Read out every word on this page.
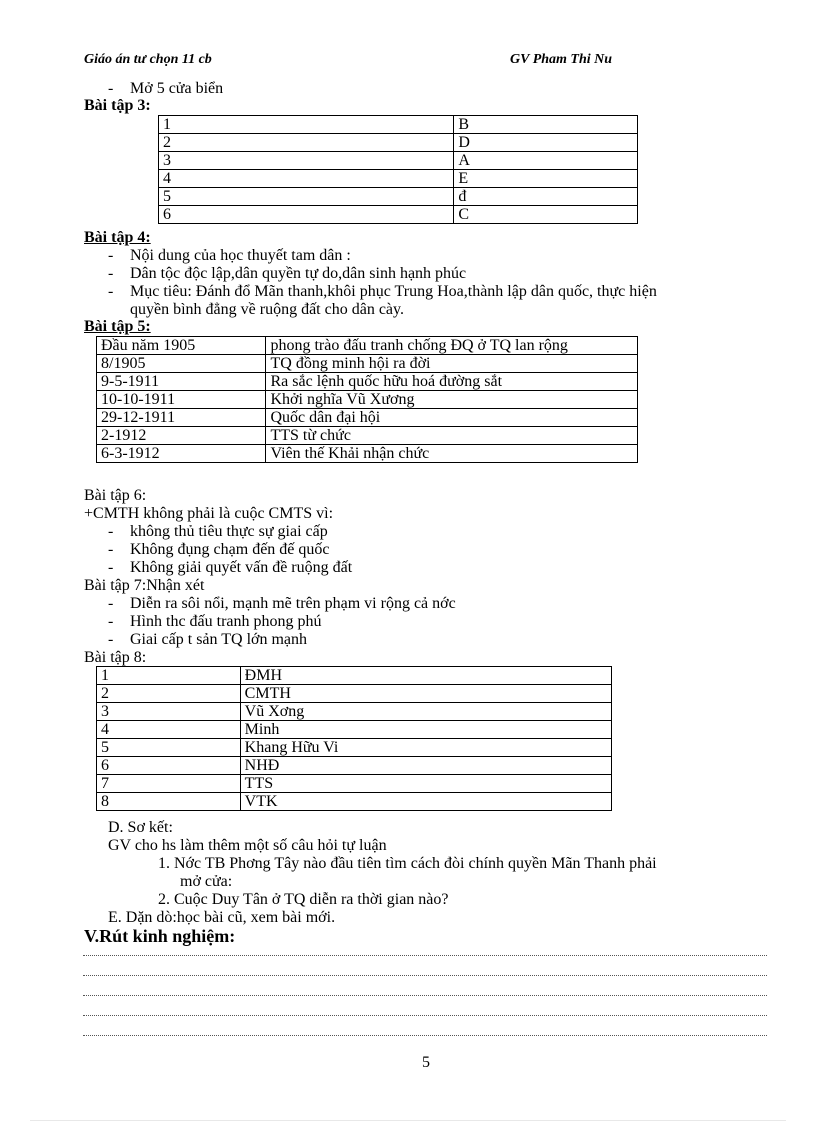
Giáo án tư chọn 11 cb	GV Pham Thi Nu
- Mở 5 cửa biển
Bài tập 3:
1	B
2	D
3	A
4	E
5	đ
6	C
Bài tập 4:
- Nội dung của học thuyết tam dân :
- Dân tộc độc lập,dân quyền tự do,dân sinh hạnh phúc
- Mục tiêu: Đánh đổ Mãn thanh,khôi phục Trung Hoa,thành lập dân quốc, thực hiện
quyền bình đẳng về ruộng đất cho dân cày.
Bài tập 5:
Đầu năm 1905	phong trào đấu tranh chống ĐQ ở TQ lan rộng
8/1905	TQ đồng minh hội ra đời
9-5-1911	Ra sắc lệnh quốc hữu hoá đường sắt
10-10-1911	Khởi nghĩa Vũ Xương
29-12-1911	Quốc dân đại hội
2-1912	TTS từ chức
6-3-1912	Viên thế Khải nhận chức
Bài tập 6:
+CMTH không phải là cuộc CMTS vì:
- không thủ tiêu thực sự giai cấp
- Không đụng chạm đến đế quốc
- Không giải quyết vấn đề ruộng đất
Bài tập 7:Nhận xét
- Diễn ra sôi nổi, mạnh mẽ trên phạm vi rộng cả nớc
- Hình thc đấu tranh phong phú
- Giai cấp t sản TQ lớn mạnh
Bài tập 8:
1	ĐMH
2	CMTH
3	Vũ Xơng
4	Minh
5	Khang Hữu Vi
6	NHĐ
7	TTS
8	VTK
D. Sơ kết:
GV cho hs làm thêm một số câu hỏi tự luận
1. Nớc TB Phơng Tây nào đầu tiên tìm cách đòi chính quyền Mãn Thanh phải
mở cửa:
2. Cuộc Duy Tân ở TQ diễn ra thời gian nào?
E. Dặn dò:học bài cũ, xem bài mới.
V.Rút kinh nghiệm:
5
